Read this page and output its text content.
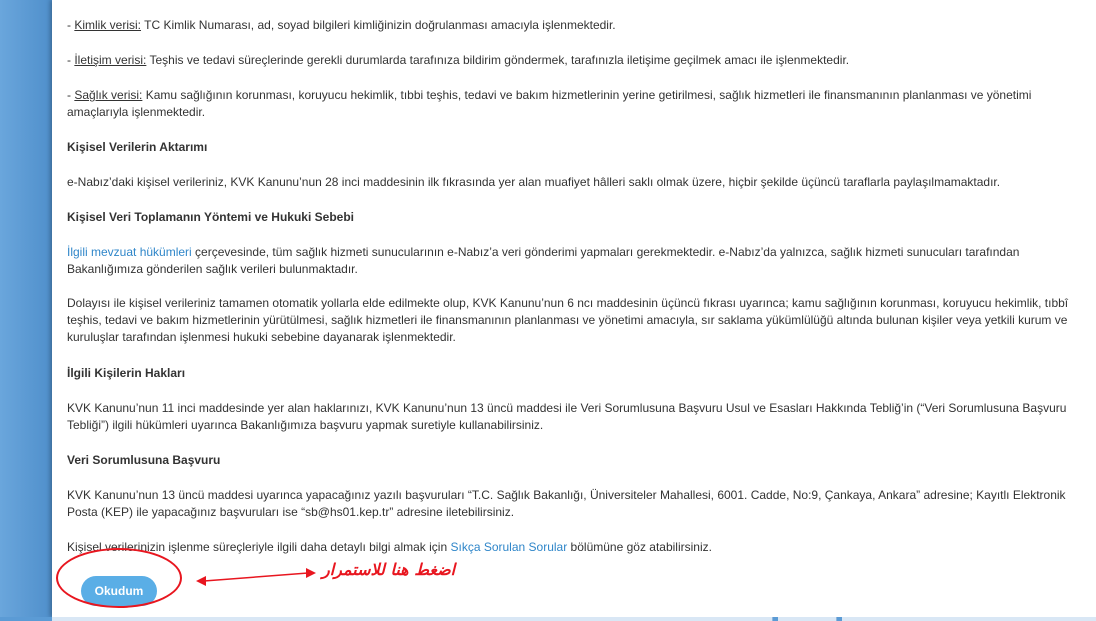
- Kimlik verisi: TC Kimlik Numarası, ad, soyad bilgileri kimliğinizin doğrulanması amacıyla işlenmektedir.

- İletişim verisi: Teşhis ve tedavi süreçlerinde gerekli durumlarda tarafınıza bildirim göndermek, tarafınızla iletişime geçilmek amacı ile işlenmektedir.

- Sağlık verisi: Kamu sağlığının korunması, koruyucu hekimlik, tıbbi teşhis, tedavi ve bakım hizmetlerinin yerine getirilmesi, sağlık hizmetleri ile finansmanının planlanması ve yönetimi amaçlarıyla işlenmektedir.

Kişisel Verilerin Aktarımı

e-Nabız’daki kişisel verileriniz, KVK Kanunu’nun 28 inci maddesinin ilk fıkrasında yer alan muafiyet hâlleri saklı olmak üzere, hiçbir şekilde üçüncü taraflarla paylaşılmamaktadır.

Kişisel Veri Toplamanın Yöntemi ve Hukuki Sebebi

İlgili mevzuat hükümleri çerçevesinde, tüm sağlık hizmeti sunucularının e-Nabız’a veri gönderimi yapmaları gerekmektedir. e-Nabız’da yalnızca, sağlık hizmeti sunucuları tarafından Bakanlığımıza gönderilen sağlık verileri bulunmaktadır.

Dolayısı ile kişisel verileriniz tamamen otomatik yollarla elde edilmekte olup, KVK Kanunu’nun 6 ncı maddesinin üçüncü fıkrası uyarınca; kamu sağlığının korunması, koruyucu hekimlik, tıbbî teşhis, tedavi ve bakım hizmetlerinin yürütülmesi, sağlık hizmetleri ile finansmanının planlanması ve yönetimi amacıyla, sır saklama yükümlülüğü altında bulunan kişiler veya yetkili kurum ve kuruluşlar tarafından işlenmesi hukuki sebebine dayanarak işlenmektedir.

İlgili Kişilerin Hakları

KVK Kanunu’nun 11 inci maddesinde yer alan haklarınızı, KVK Kanunu’nun 13 üncü maddesi ile Veri Sorumlusuna Başvuru Usul ve Esasları Hakkında Tebliğ’in (“Veri Sorumlusuna Başvuru Tebliği”) ilgili hükümleri uyarınca Bakanlığımıza başvuru yapmak suretiyle kullanabilirsiniz.

Veri Sorumlusuna Başvuru

KVK Kanunu’nun 13 üncü maddesi uyarınca yapacağınız yazılı başvuruları “T.C. Sağlık Bakanlığı, Üniversiteler Mahallesi, 6001. Cadde, No:9, Çankaya, Ankara” adresine; Kayıtlı Elektronik Posta (KEP) ile yapacağınız başvuruları ise “sb@hs01.kep.tr” adresine iletebilirsiniz.

Kişisel verilerinizin işlenme süreçleriyle ilgili daha detaylı bilgi almak için Sıkça Sorulan Sorular bölümüne göz atabilirsiniz.

Okudum
اضغط هنا للاستمرار
